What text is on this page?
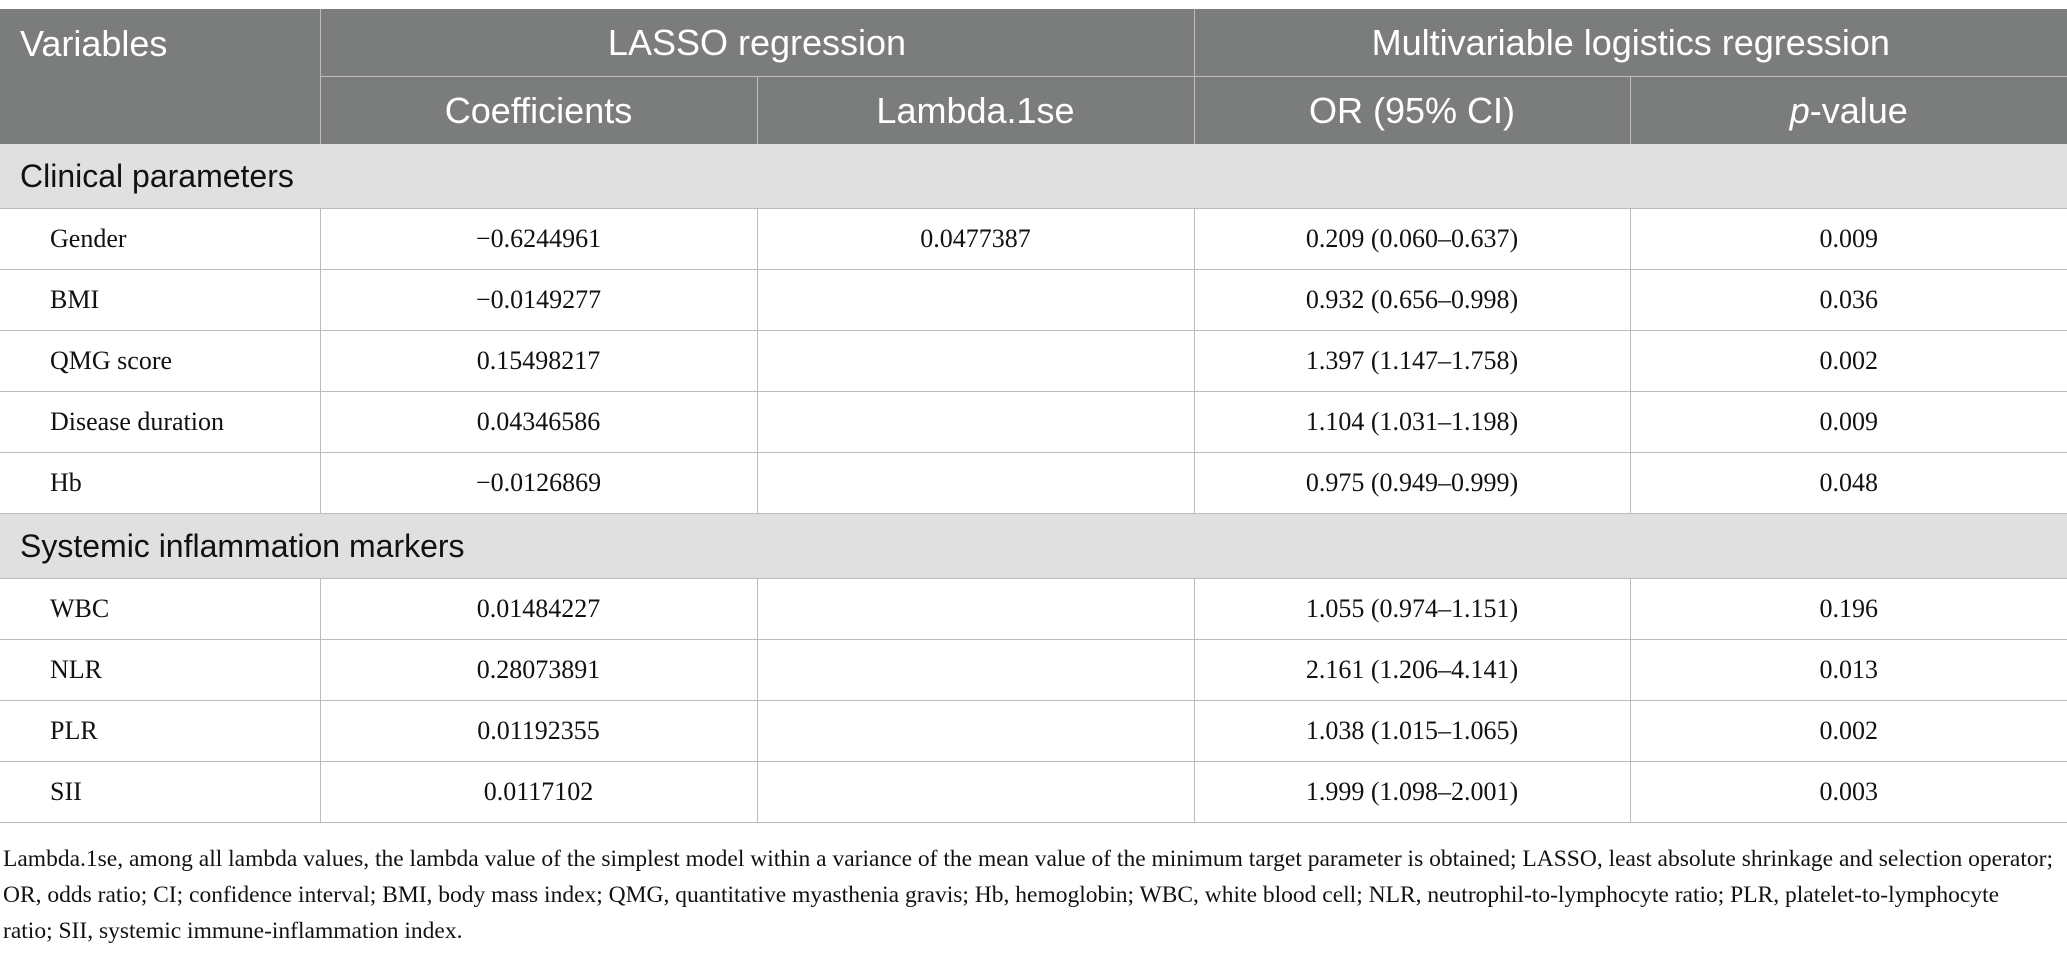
Variables	LASSO regression		Multivariable logistics regression	
	Coefficients	Lambda.1se	OR (95% CI)	p-value
Clinical parameters				
Gender	−0.6244961	0.0477387	0.209 (0.060–0.637)	0.009
BMI	−0.0149277		0.932 (0.656–0.998)	0.036
QMG score	0.15498217		1.397 (1.147–1.758)	0.002
Disease duration	0.04346586		1.104 (1.031–1.198)	0.009
Hb	−0.0126869		0.975 (0.949–0.999)	0.048
Systemic inflammation markers				
WBC	0.01484227		1.055 (0.974–1.151)	0.196
NLR	0.28073891		2.161 (1.206–4.141)	0.013
PLR	0.01192355		1.038 (1.015–1.065)	0.002
SII	0.0117102		1.999 (1.098–2.001)	0.003

Lambda.1se, among all lambda values, the lambda value of the simplest model within a variance of the mean value of the minimum target parameter is obtained; LASSO, least absolute shrinkage and selection operator; OR, odds ratio; CI; confidence interval; BMI, body mass index; QMG, quantitative myasthenia gravis; Hb, hemoglobin; WBC, white blood cell; NLR, neutrophil-to-lymphocyte ratio; PLR, platelet-to-lymphocyte ratio; SII, systemic immune-inflammation index.
